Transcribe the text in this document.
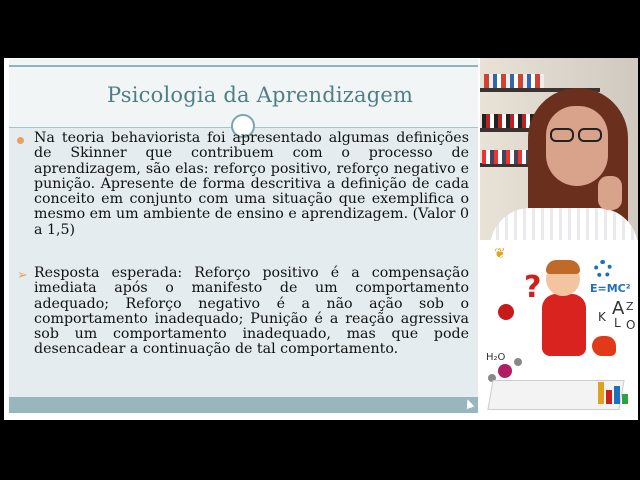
Psicologia da Aprendizagem
Na teoria behaviorista foi apresentado algumas definições de Skinner que contribuem com o processo de aprendizagem, são elas: reforço positivo, reforço negativo e punição. Apresente de forma descritiva a definição de cada conceito em conjunto com uma situação que exemplifica o mesmo em um ambiente de ensino e aprendizagem. (Valor 0 a 1,5)
➢ Resposta esperada: Reforço positivo é a compensação imediata após o manifesto de um comportamento adequado; Reforço negativo é a não ação sob o comportamento inadequado; Punição é a reação agressiva sob um comportamento inadequado, mas que pode desencadear a continuação de tal comportamento.
❦
?	E=MC²
A Z
L O
K
H₂O
